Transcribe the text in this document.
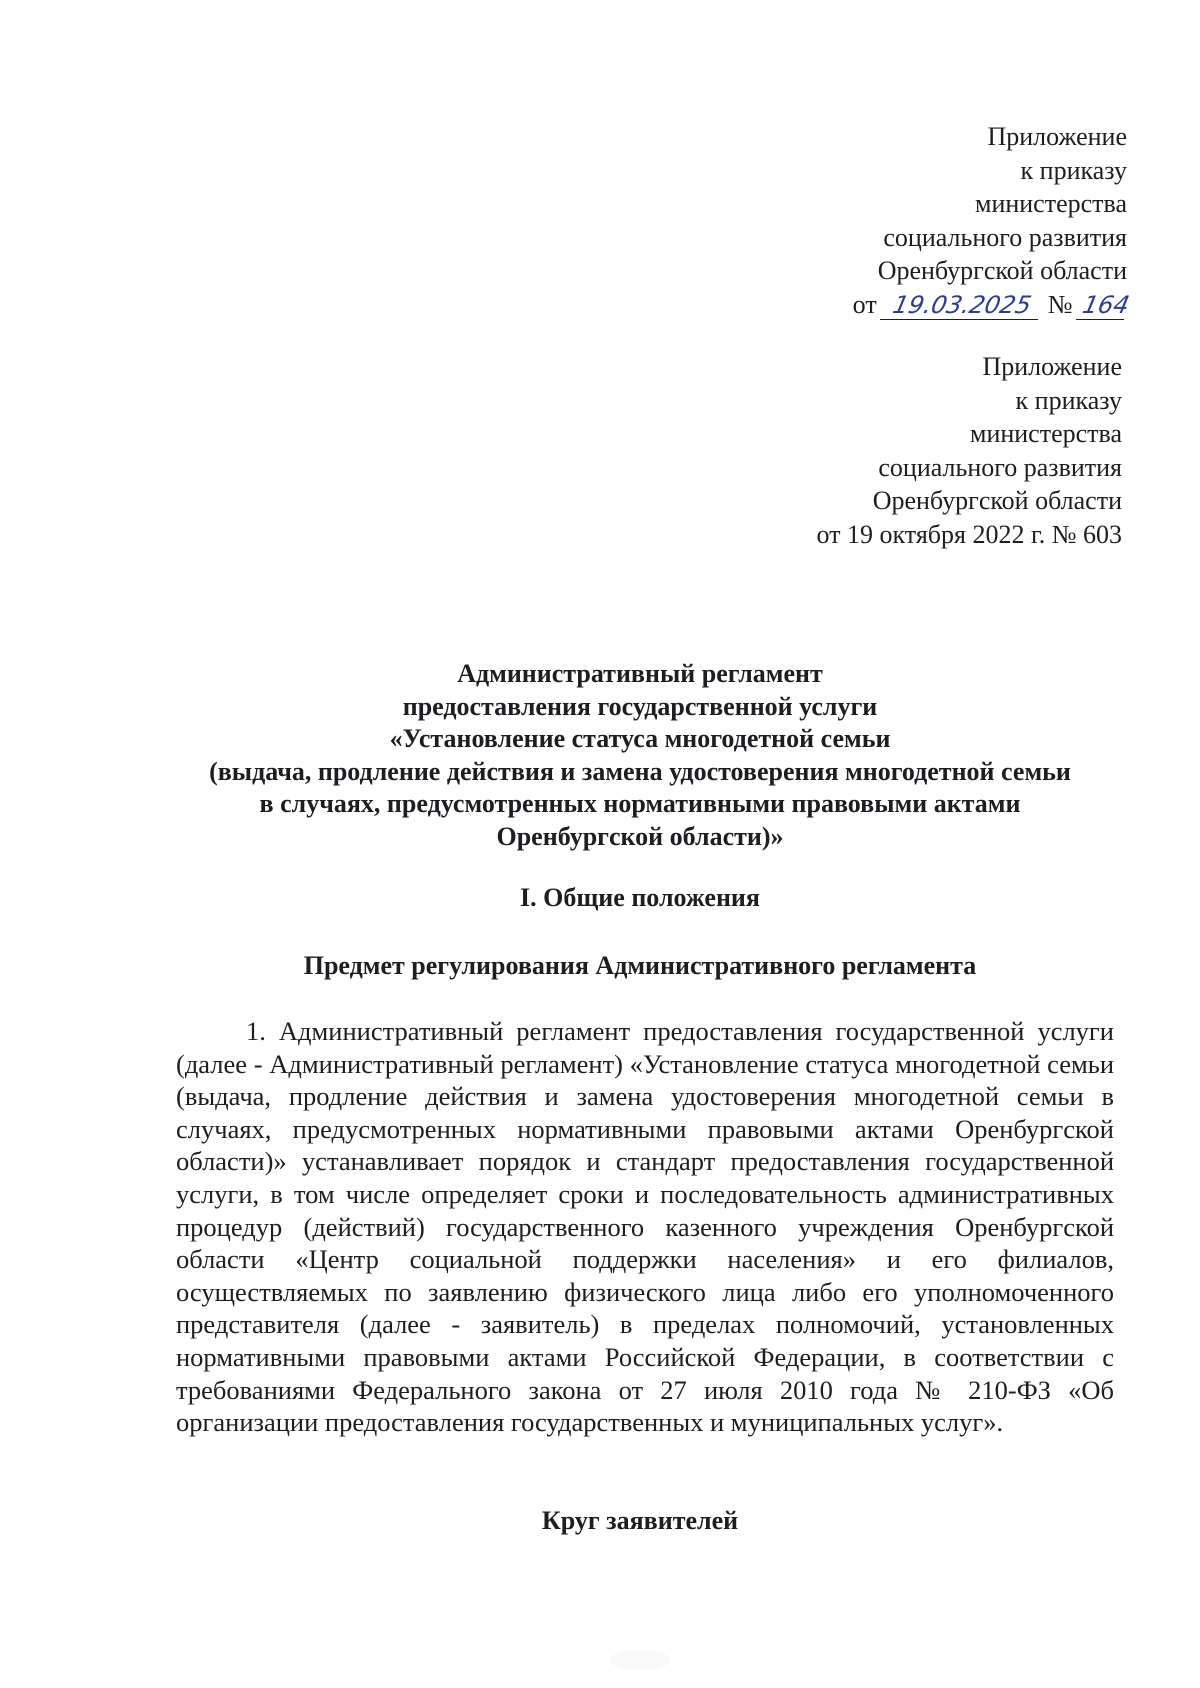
Приложение
к приказу
министерства
социального развития
Оренбургской области
от 19.03.2025 № 164
Приложение
к приказу
министерства
социального развития
Оренбургской области
от 19 октября 2022 г. № 603
Административный регламент
предоставления государственной услуги
«Установление статуса многодетной семьи
(выдача, продление действия и замена удостоверения многодетной семьи
в случаях, предусмотренных нормативными правовыми актами
Оренбургской области)»
I. Общие положения
Предмет регулирования Административного регламента

1. Административный регламент предоставления государственной услуги (далее - Административный регламент) «Установление статуса многодетной семьи (выдача, продление действия и замена удостоверения многодетной семьи в случаях, предусмотренных нормативными правовыми актами Оренбургской области)» устанавливает порядок и стандарт предоставления государственной услуги, в том числе определяет сроки и последовательность административных процедур (действий) государственного казенного учреждения Оренбургской области «Центр социальной поддержки населения» и его филиалов, осуществляемых по заявлению физического лица либо его уполномоченного представителя (далее - заявитель) в пределах полномочий, установленных нормативными правовыми актами Российской Федерации, в соответствии с требованиями Федерального закона от 27 июля 2010 года № 210-ФЗ «Об организации предоставления государственных и муниципальных услуг».

Круг заявителей
